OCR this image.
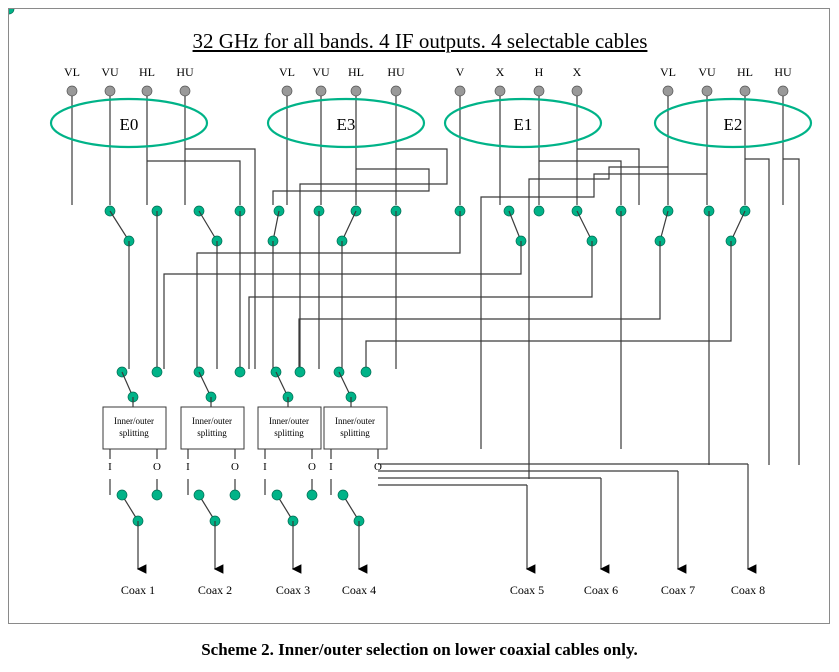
32 GHz for all bands. 4 IF outputs. 4 selectable cables
Inner/outer
splitting
Inner/outer
splitting
Inner/outer
splitting
Inner/outer
splitting
I	O I	O I	O I	O
VL VU HL HU	VL VU HL HU	V	X	H X	VL VU HL HU
E0	E3	E1	E2
Coax 1	Coax 2	Coax 3	Coax 4	Coax 5	Coax 6	Coax 7	Coax 8
Scheme 2. Inner/outer selection on lower coaxial cables only.
